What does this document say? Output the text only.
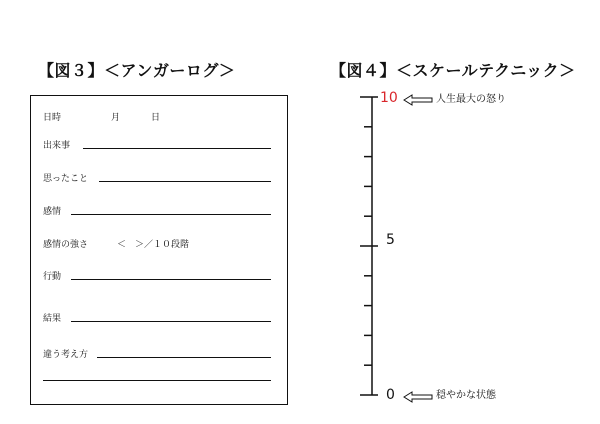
【図３】＜アンガーログ＞	【図４】＜スケールテクニック＞
日時	月	日
出来事
思ったこと
感情
感情の強さ	＜　＞／１０段階
行動
結果
違う考え方
10
5
0
人生最大の怒り
穏やかな状態
